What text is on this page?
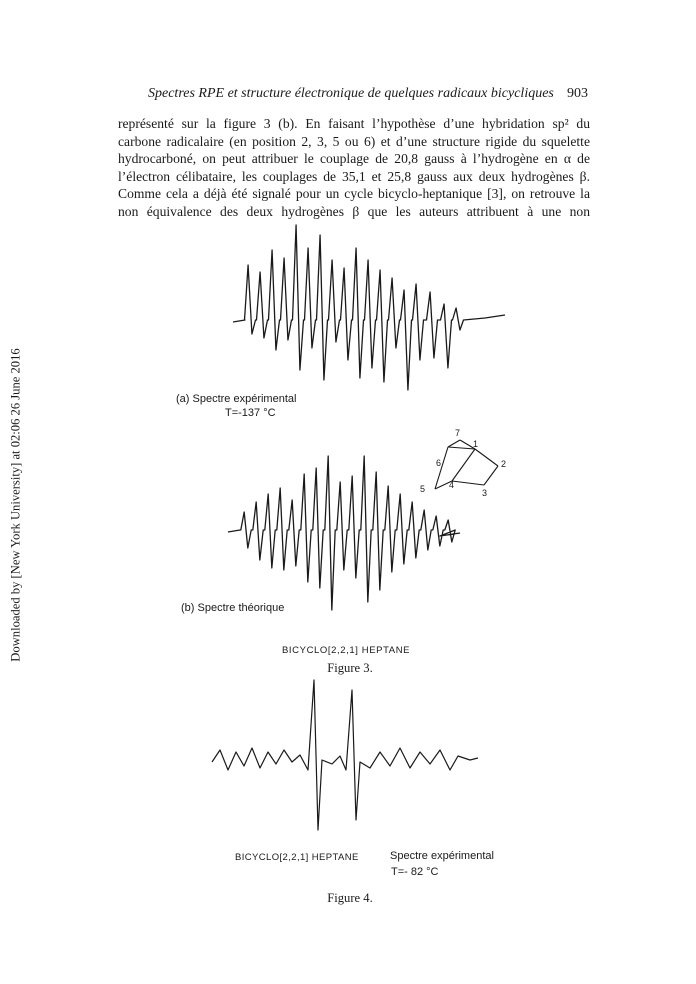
Spectres RPE et structure électronique de quelques radicaux bicycliques 903
représenté sur la figure 3 (b). En faisant l’hypothèse d’une hybridation sp² du
carbone radicalaire (en position 2, 3, 5 ou 6) et d’une structure rigide du squelette
hydrocarboné, on peut attribuer le couplage de 20,8 gauss à l’hydrogène en α de
l’électron célibataire, les couplages de 35,1 et 25,8 gauss aux deux hydrogènes β.
Comme cela a déjà été signalé pour un cycle bicyclo-heptanique [3], on retrouve la
non équivalence des deux hydrogènes β que les auteurs attribuent à une non
Downloaded by [New York University] at 02:06 26 June 2016	7
1
2
3
4
5
6
(a) Spectre expérimental
T=-137 °C
(b) Spectre théorique
BICYCLO[2,2,1] HEPTANE
Figure 3.
BICYCLO[2,2,1] HEPTANE	Spectre expérimental
T=- 82 °C
Figure 4.
